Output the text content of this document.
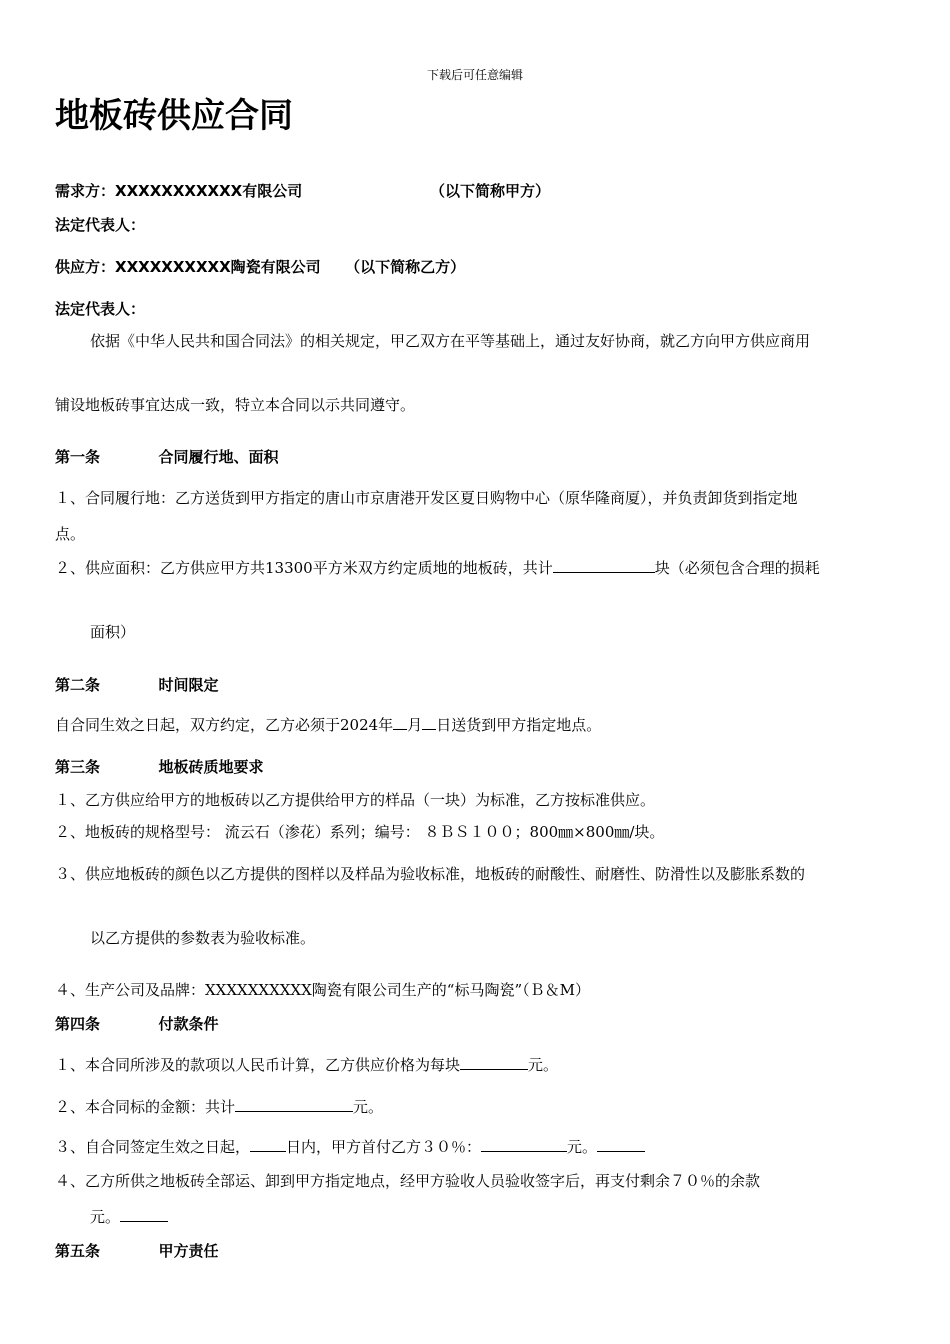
下载后可任意编辑
地板砖供应合同
需求方：XXXXXXXXXXX有限公司	（以下简称甲方）
法定代表人：
供应方：XXXXXXXXXX陶瓷有限公司 （以下简称乙方）
法定代表人：
依据《中华人民共和国合同法》的相关规定，甲乙双方在平等基础上，通过友好协商，就乙方向甲方供应商用
铺设地板砖事宜达成一致，特立本合同以示共同遵守。
第一条	合同履行地、面积
１、合同履行地：乙方送货到甲方指定的唐山市京唐港开发区夏日购物中心（原华隆商厦），并负责卸货到指定地
点。
２、供应面积：乙方供应甲方共13300平方米双方约定质地的地板砖，共计	块（必须包含合理的损耗
面积）
第二条	时间限定
自合同生效之日起，双方约定，乙方必须于2024年 月 日送货到甲方指定地点。
第三条	地板砖质地要求
１、乙方供应给甲方的地板砖以乙方提供给甲方的样品（一块）为标准，乙方按标准供应。
２、地板砖的规格型号： 流云石（渗花）系列；编号： ８ＢＳ１００；800㎜×800㎜/块。
３、供应地板砖的颜色以乙方提供的图样以及样品为验收标准，地板砖的耐酸性、耐磨性、防滑性以及膨胀系数的
以乙方提供的参数表为验收标准。
４、生产公司及品牌：XXXXXXXXXX陶瓷有限公司生产的“标马陶瓷”（Ｂ＆M）
第四条	付款条件
１、本合同所涉及的款项以人民币计算，乙方供应价格为每块	元。
２、本合同标的金额：共计	元。
３、自合同签定生效之日起， 日内，甲方首付乙方３０％：	元。
４、乙方所供之地板砖全部运、卸到甲方指定地点，经甲方验收人员验收签字后，再支付剩余７０％的余款
元。
第五条	甲方责任
